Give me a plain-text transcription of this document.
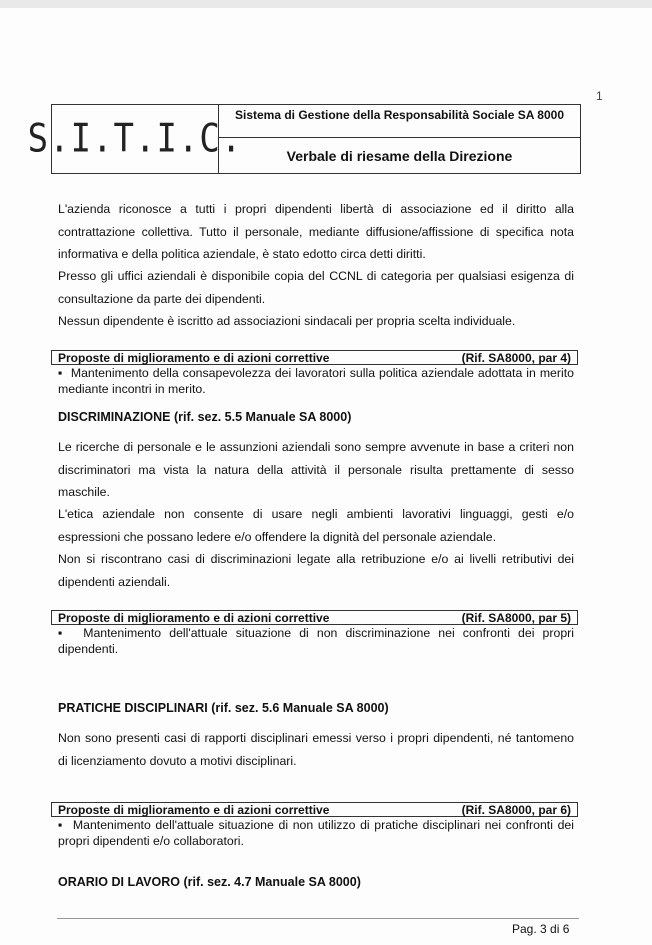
1
S.I.T.I.C.
Sistema di Gestione della Responsabilità Sociale SA 8000
Verbale di riesame della Direzione
L'azienda riconosce a tutti i propri dipendenti libertà di associazione ed il diritto alla contrattazione collettiva. Tutto il personale, mediante diffusione/affissione di specifica nota informativa e della politica aziendale, è stato edotto circa detti diritti.
Presso gli uffici aziendali è disponibile copia del CCNL di categoria per qualsiasi esigenza di consultazione da parte dei dipendenti.
Nessun dipendente è iscritto ad associazioni sindacali per propria scelta individuale.
Proposte di miglioramento e di azioni correttive	(Rif. SA8000, par 4)
▪  Mantenimento della consapevolezza dei lavoratori sulla politica aziendale adottata in merito mediante incontri in merito.
DISCRIMINAZIONE (rif. sez. 5.5 Manuale SA 8000)
Le ricerche di personale e le assunzioni aziendali sono sempre avvenute in base a criteri non discriminatori ma vista la natura della attività il personale risulta prettamente di sesso maschile.
L'etica aziendale non consente di usare negli ambienti lavorativi linguaggi, gesti e/o espressioni che possano ledere e/o offendere la dignità del personale aziendale.
Non si riscontrano casi di discriminazioni legate alla retribuzione e/o ai livelli retributivi dei dipendenti aziendali.
Proposte di miglioramento e di azioni correttive	(Rif. SA8000, par 5)
▪  Mantenimento dell'attuale situazione di non discriminazione nei confronti dei propri dipendenti.
PRATICHE DISCIPLINARI (rif. sez. 5.6 Manuale SA 8000)
Non sono presenti casi di rapporti disciplinari emessi verso i propri dipendenti, né tantomeno di licenziamento dovuto a motivi disciplinari.
Proposte di miglioramento e di azioni correttive	(Rif. SA8000, par 6)
▪  Mantenimento dell'attuale situazione di non utilizzo di pratiche disciplinari nei confronti dei propri dipendenti e/o collaboratori.
ORARIO DI LAVORO (rif. sez. 4.7 Manuale SA 8000)
Pag. 3 di 6
